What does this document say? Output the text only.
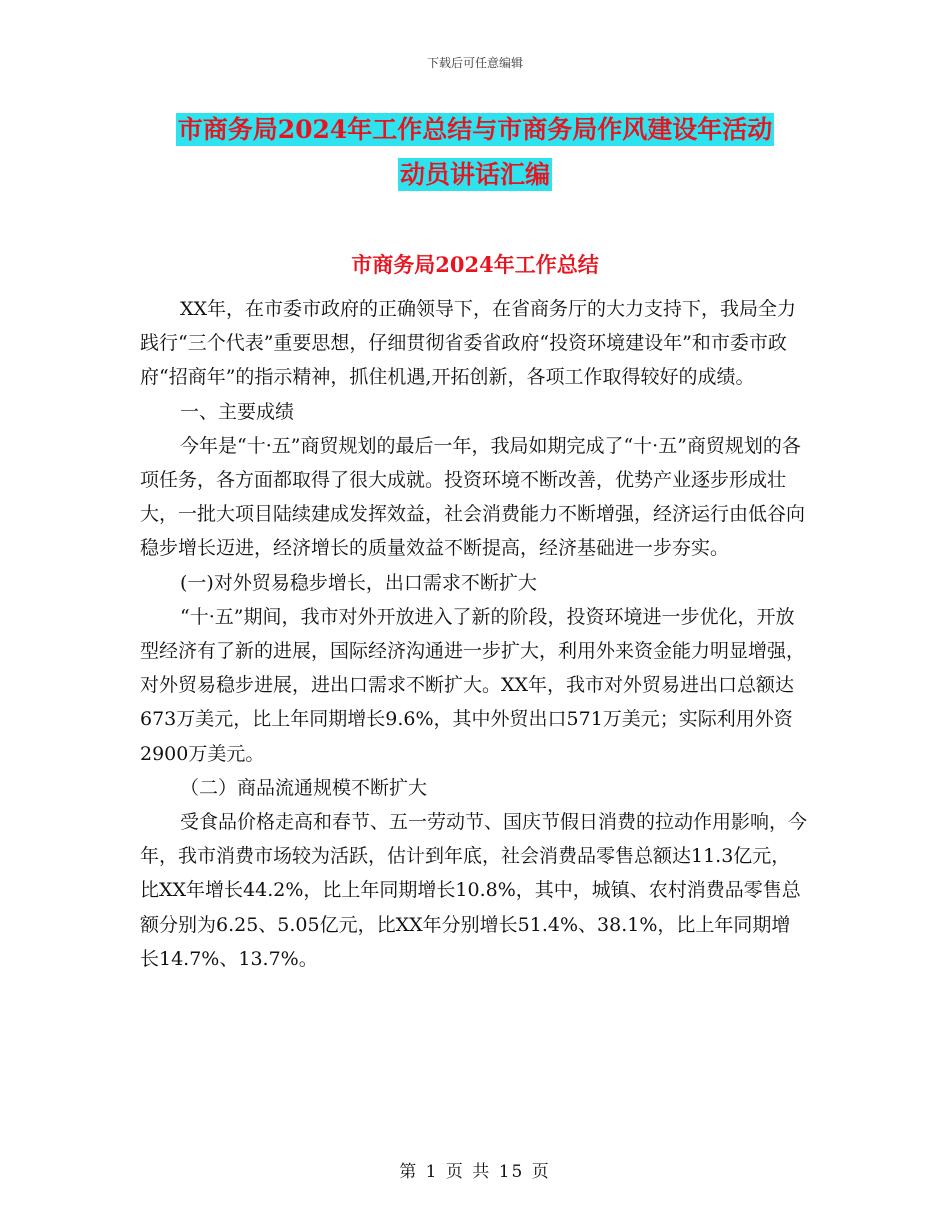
下载后可任意编辑
市商务局2024年工作总结与市商务局作风建设年活动
动员讲话汇编
市商务局2024年工作总结

XX年，在市委市政府的正确领导下，在省商务厅的大力支持下，我局全力践行“三个代表”重要思想，仔细贯彻省委省政府“投资环境建设年”和市委市政府“招商年”的指示精神，抓住机遇,开拓创新，各项工作取得较好的成绩。

一、主要成绩

今年是“十·五”商贸规划的最后一年，我局如期完成了“十·五”商贸规划的各项任务，各方面都取得了很大成就。投资环境不断改善，优势产业逐步形成壮大，一批大项目陆续建成发挥效益，社会消费能力不断增强，经济运行由低谷向稳步增长迈进，经济增长的质量效益不断提高，经济基础进一步夯实。

(一)对外贸易稳步增长，出口需求不断扩大

“十·五”期间，我市对外开放进入了新的阶段，投资环境进一步优化，开放型经济有了新的进展，国际经济沟通进一步扩大，利用外来资金能力明显增强，对外贸易稳步进展，进出口需求不断扩大。XX年，我市对外贸易进出口总额达673万美元，比上年同期增长9.6%，其中外贸出口571万美元；实际利用外资2900万美元。

（二）商品流通规模不断扩大

受食品价格走高和春节、五一劳动节、国庆节假日消费的拉动作用影响，今年，我市消费市场较为活跃，估计到年底，社会消费品零售总额达11.3亿元，比XX年增长44.2%，比上年同期增长10.8%，其中，城镇、农村消费品零售总额分别为6.25、5.05亿元，比XX年分别增长51.4%、38.1%，比上年同期增长14.7%、13.7%。

第 1 页 共 15 页
